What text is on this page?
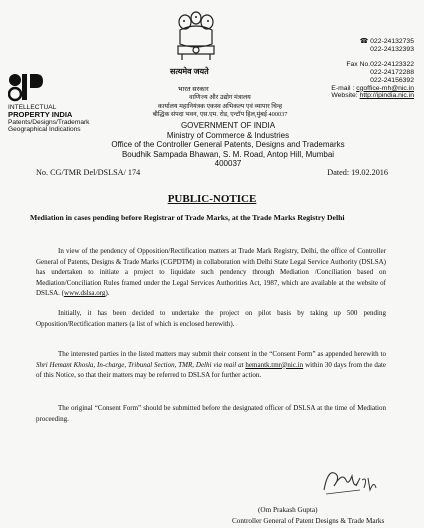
सत्यमेव जयते
भारत सरकार
वाणिज्य और उद्योग मंत्रालय
कार्यालय महानियंत्रक एकस्व अभिकल्प एवं व्यापार चिन्ह
बौद्धिक संपदा भवन, एस.एम. रोड, एन्टॉप हिल,मुंबई 400037
GOVERNMENT OF INDIA
Ministry of Commerce & Industries
Office of the Controller General Patents, Designs and Trademarks
Boudhik Sampada Bhawan, S. M. Road, Antop Hill, Mumbai 400037
INTELLECTUAL
PROPERTY INDIA
Patents/Designs/Trademark
Geographical Indications
☎ 022-24132735
022-24132393
Fax No.022-24123322
022-24172288
022-24156392
E-mail : cgoffice-mh@nic.in
Website: http://ipindia.nic.in
No. CG/TMR Del/DSLSA/ 174	Dated: 19.02.2016
PUBLIC-NOTICE
Mediation in cases pending before Registrar of Trade Marks, at the Trade Marks Registry Delhi
In view of the pendency of Opposition/Rectification matters at Trade Mark Registry, Delhi, the office of Controller General of Patents, Designs & Trade Marks (CGPDTM) in collaboration with Delhi State Legal Service Authority (DSLSA) has undertaken to initiate a project to liquidate such pendency through Mediation /Conciliation based on Mediation/Conciliation Rules framed under the Legal Services Authorities Act, 1987, which are available at the website of DSLSA. (www.dslsa.org).
Initially, it has been decided to undertake the project on pilot basis by taking up 500 pending Opposition/Rectification matters (a list of which is enclosed herewith).
The interested parties in the listed matters may submit their consent in the “Consent Form” as appended herewith to Shri Hemant Khosla, In-charge, Tribunal Section, TMR, Delhi via mail at hemantk.tmr@nic.in within 30 days from the date of this Notice, so that their matters may be referred to DSLSA for further action.
The original “Consent Form” should be submitted before the designated officer of DSLSA at the time of Mediation proceeding.
(Om Prakash Gupta)
Controller General of Patent Designs & Trade Marks
